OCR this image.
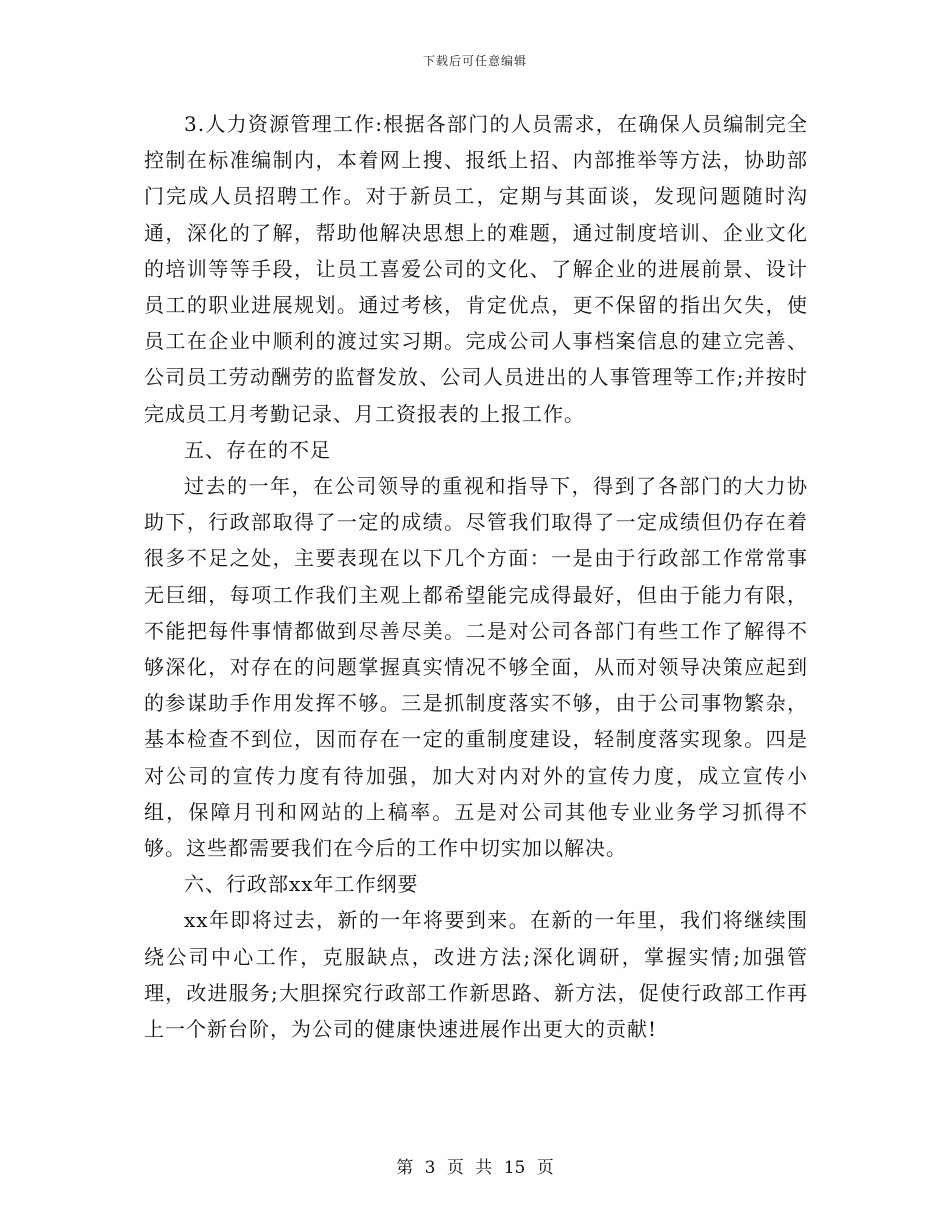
下载后可任意编辑

3.人力资源管理工作:根据各部门的人员需求，在确保人员编制完全控制在标准编制内，本着网上搜、报纸上招、内部推举等方法，协助部门完成人员招聘工作。对于新员工，定期与其面谈，发现问题随时沟通，深化的了解，帮助他解决思想上的难题，通过制度培训、企业文化的培训等等手段，让员工喜爱公司的文化、了解企业的进展前景、设计员工的职业进展规划。通过考核，肯定优点，更不保留的指出欠失，使员工在企业中顺利的渡过实习期。完成公司人事档案信息的建立完善、公司员工劳动酬劳的监督发放、公司人员进出的人事管理等工作;并按时完成员工月考勤记录、月工资报表的上报工作。

五、存在的不足

过去的一年，在公司领导的重视和指导下，得到了各部门的大力协助下，行政部取得了一定的成绩。尽管我们取得了一定成绩但仍存在着很多不足之处，主要表现在以下几个方面：一是由于行政部工作常常事无巨细，每项工作我们主观上都希望能完成得最好，但由于能力有限，不能把每件事情都做到尽善尽美。二是对公司各部门有些工作了解得不够深化，对存在的问题掌握真实情况不够全面，从而对领导决策应起到的参谋助手作用发挥不够。三是抓制度落实不够，由于公司事物繁杂，基本检查不到位，因而存在一定的重制度建设，轻制度落实现象。四是对公司的宣传力度有待加强，加大对内对外的宣传力度，成立宣传小组，保障月刊和网站的上稿率。五是对公司其他专业业务学习抓得不够。这些都需要我们在今后的工作中切实加以解决。

六、行政部xx年工作纲要

xx年即将过去，新的一年将要到来。在新的一年里，我们将继续围绕公司中心工作，克服缺点，改进方法;深化调研，掌握实情;加强管理，改进服务;大胆探究行政部工作新思路、新方法，促使行政部工作再上一个新台阶，为公司的健康快速进展作出更大的贡献!

第 3 页 共 15 页
